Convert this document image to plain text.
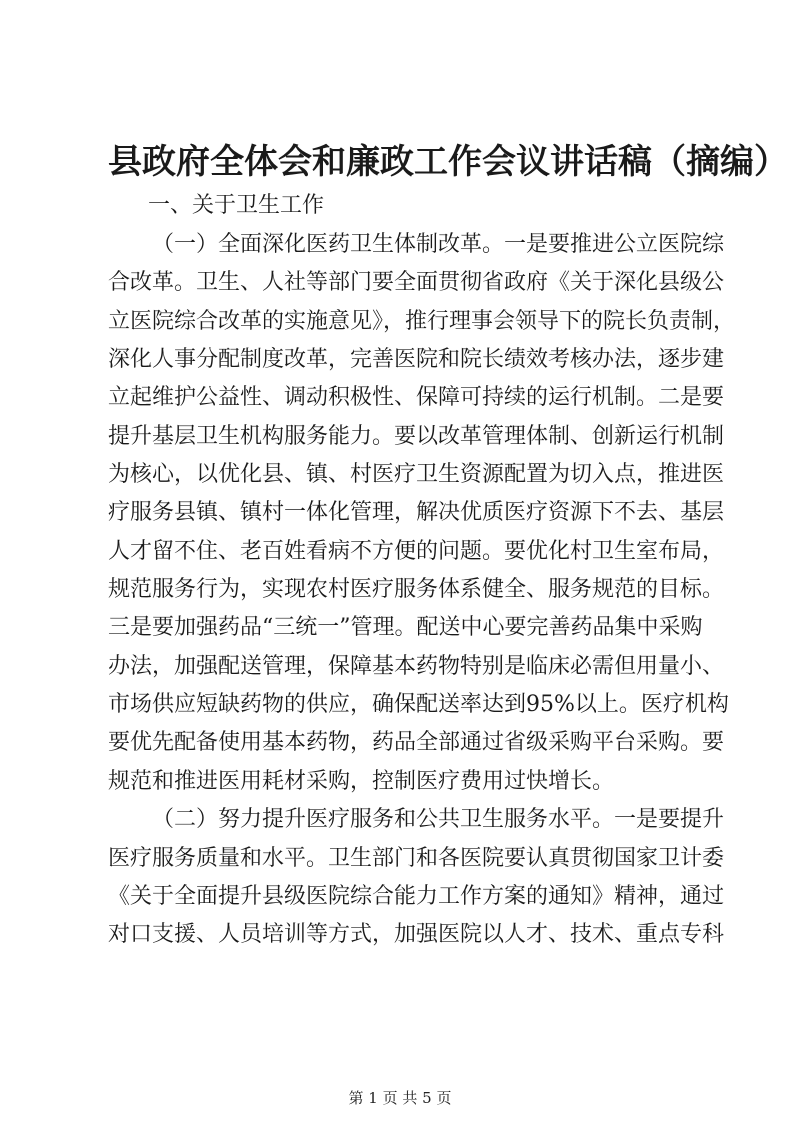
县政府全体会和廉政工作会议讲话稿（摘编）
一、关于卫生工作
（一）全面深化医药卫生体制改革。一是要推进公立医院综
合改革。卫生、人社等部门要全面贯彻省政府《关于深化县级公
立医院综合改革的实施意见》，推行理事会领导下的院长负责制，
深化人事分配制度改革，完善医院和院长绩效考核办法，逐步建
立起维护公益性、调动积极性、保障可持续的运行机制。二是要
提升基层卫生机构服务能力。要以改革管理体制、创新运行机制
为核心，以优化县、镇、村医疗卫生资源配置为切入点，推进医
疗服务县镇、镇村一体化管理，解决优质医疗资源下不去、基层
人才留不住、老百姓看病不方便的问题。要优化村卫生室布局，
规范服务行为，实现农村医疗服务体系健全、服务规范的目标。
三是要加强药品“三统一”管理。配送中心要完善药品集中采购
办法，加强配送管理，保障基本药物特别是临床必需但用量小、
市场供应短缺药物的供应，确保配送率达到95%以上。医疗机构
要优先配备使用基本药物，药品全部通过省级采购平台采购。要
规范和推进医用耗材采购，控制医疗费用过快增长。
（二）努力提升医疗服务和公共卫生服务水平。一是要提升
医疗服务质量和水平。卫生部门和各医院要认真贯彻国家卫计委
《关于全面提升县级医院综合能力工作方案的通知》精神，通过
对口支援、人员培训等方式，加强医院以人才、技术、重点专科
第 1 页 共 5 页
